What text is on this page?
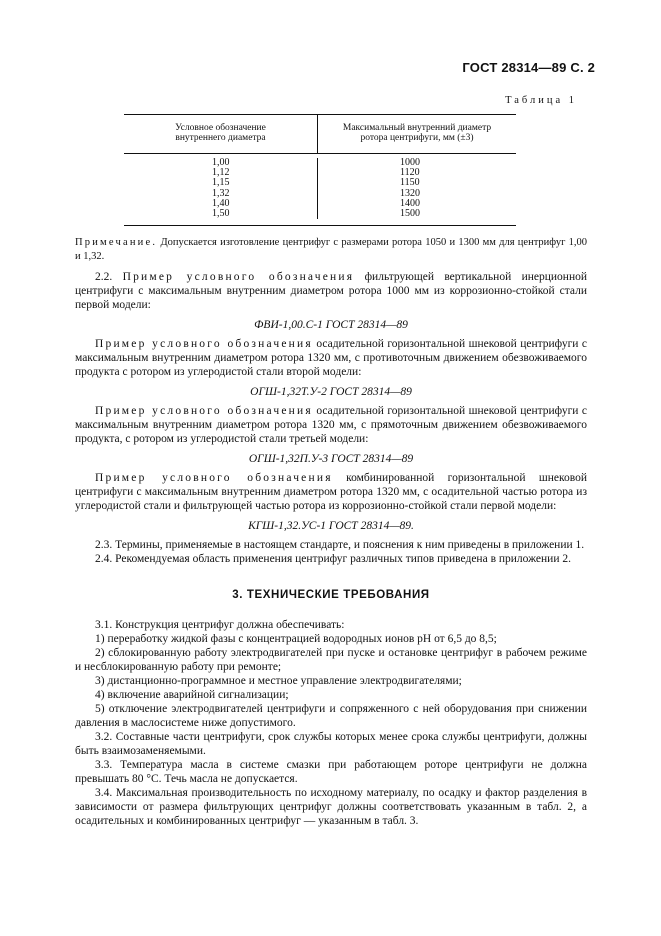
ГОСТ 28314—89 С. 2
Таблица 1
Условное обозначение
внутреннего диаметра
Максимальный внутренний диаметр
ротора центрифуги, мм (±3)
1,00
1,12
1,15
1,32
1,40
1,50
1000
1120
1150
1320
1400
1500
Примечание. Допускается изготовление центрифуг с размерами ротора 1050 и 1300 мм для центрифуг 1,00 и 1,32.

2.2. Пример условного обозначения фильтрующей вертикальной инерционной центрифуги с максимальным внутренним диаметром ротора 1000 мм из коррозионно-стойкой стали первой модели:

ФВИ-1,00.С-1 ГОСТ 28314—89

Пример условного обозначения осадительной горизонтальной шнековой центрифуги с максимальным внутренним диаметром ротора 1320 мм, с противоточным движением обезвоживаемого продукта с ротором из углеродистой стали второй модели:

ОГШ-1,32Т.У-2 ГОСТ 28314—89

Пример условного обозначения осадительной горизонтальной шнековой центрифуги с максимальным внутренним диаметром ротора 1320 мм, с прямоточным движением обезвоживаемого продукта, с ротором из углеродистой стали третьей модели:

ОГШ-1,32П.У-3 ГОСТ 28314—89

Пример условного обозначения комбинированной горизонтальной шнековой центрифуги с максимальным внутренним диаметром ротора 1320 мм, с осадительной частью ротора из углеродистой стали и фильтрующей частью ротора из коррозионно-стойкой стали первой модели:

КГШ-1,32.УС-1 ГОСТ 28314—89.

2.3. Термины, применяемые в настоящем стандарте, и пояснения к ним приведены в приложении 1.

2.4. Рекомендуемая область применения центрифуг различных типов приведена в приложении 2.

3. ТЕХНИЧЕСКИЕ ТРЕБОВАНИЯ

3.1. Конструкция центрифуг должна обеспечивать:

1) переработку жидкой фазы с концентрацией водородных ионов pH от 6,5 до 8,5;

2) сблокированную работу электродвигателей при пуске и остановке центрифуг в рабочем режиме и несблокированную работу при ремонте;

3) дистанционно-программное и местное управление электродвигателями;

4) включение аварийной сигнализации;

5) отключение электродвигателей центрифуги и сопряженного с ней оборудования при снижении давления в маслосистеме ниже допустимого.

3.2. Составные части центрифуги, срок службы которых менее срока службы центрифуги, должны быть взаимозаменяемыми.

3.3. Температура масла в системе смазки при работающем роторе центрифуги не должна превышать 80 °С. Течь масла не допускается.

3.4. Максимальная производительность по исходному материалу, по осадку и фактор разделения в зависимости от размера фильтрующих центрифуг должны соответствовать указанным в табл. 2, а осадительных и комбинированных центрифуг — указанным в табл. 3.
